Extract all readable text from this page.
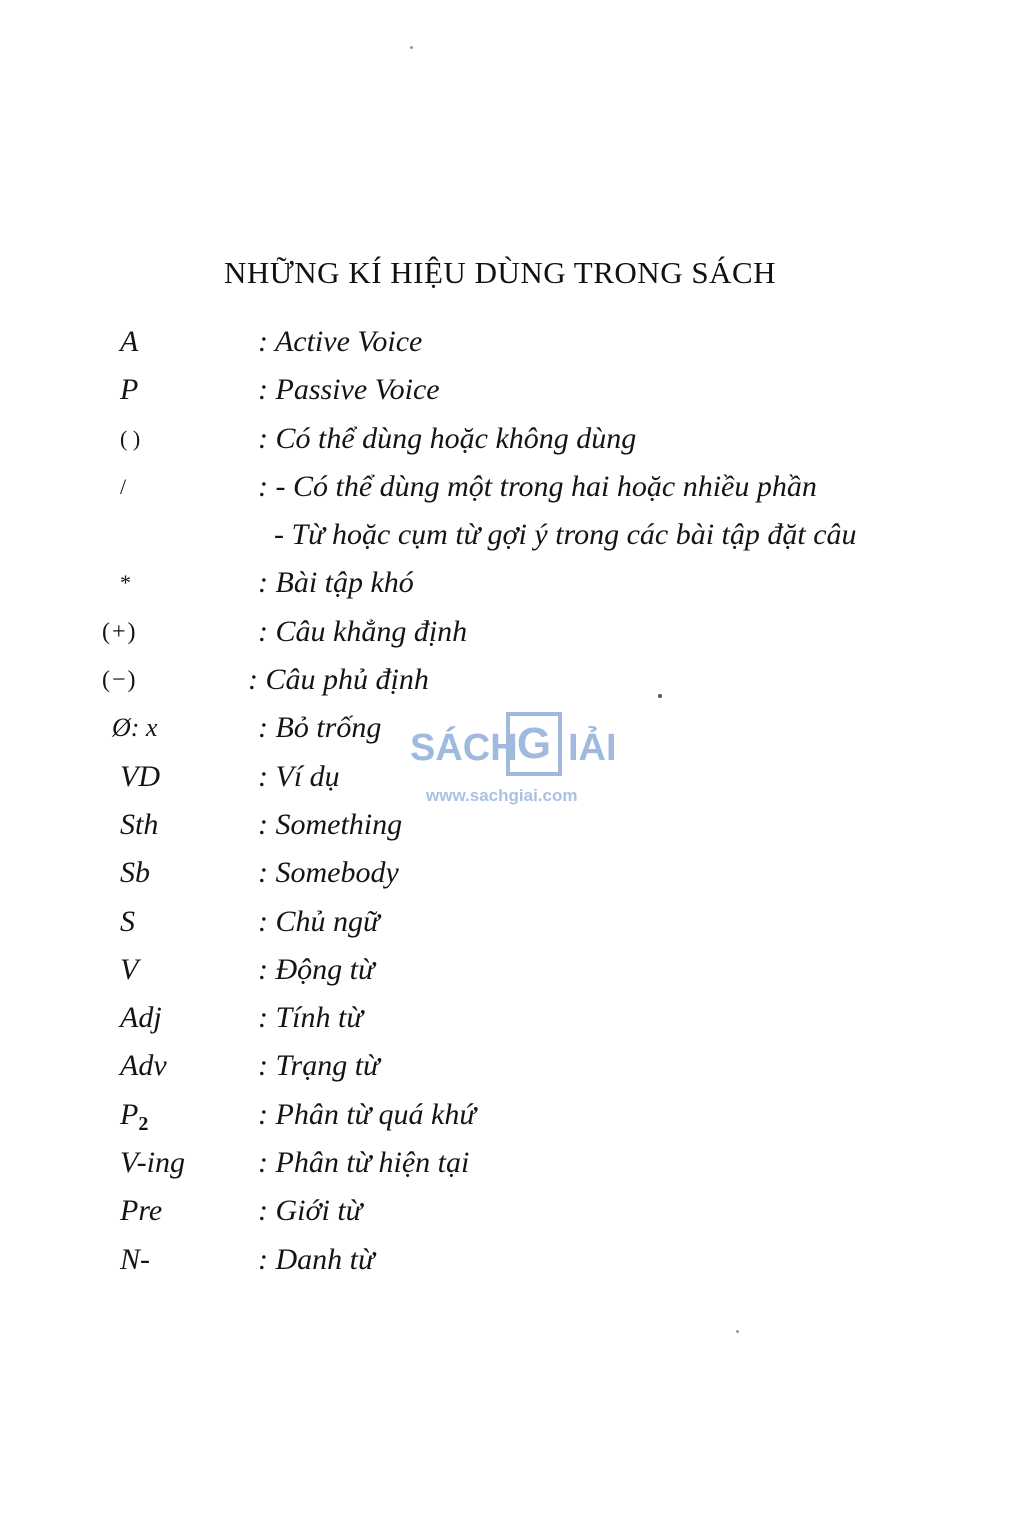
NHỮNG KÍ HIỆU DÙNG TRONG SÁCH
A	: Active Voice
P	: Passive Voice
( )	: Có thể dùng hoặc không dùng
/	: - Có thể dùng một trong hai hoặc nhiều phần
- Từ hoặc cụm từ gợi ý trong các bài tập đặt câu
*	: Bài tập khó
(+)	: Câu khẳng định
(−)	: Câu phủ định
Ø: x	: Bỏ trống
VD	: Ví dụ
Sth	: Something
Sb	: Somebody
S	: Chủ ngữ
V	: Động từ
Adj	: Tính từ
Adv	: Trạng từ
$P_2$	: Phân từ quá khứ
V-ing	: Phân từ hiện tại
Pre	: Giới từ
N-	: Danh từ
SÁCH G IẢI
www.sachgiai.com
